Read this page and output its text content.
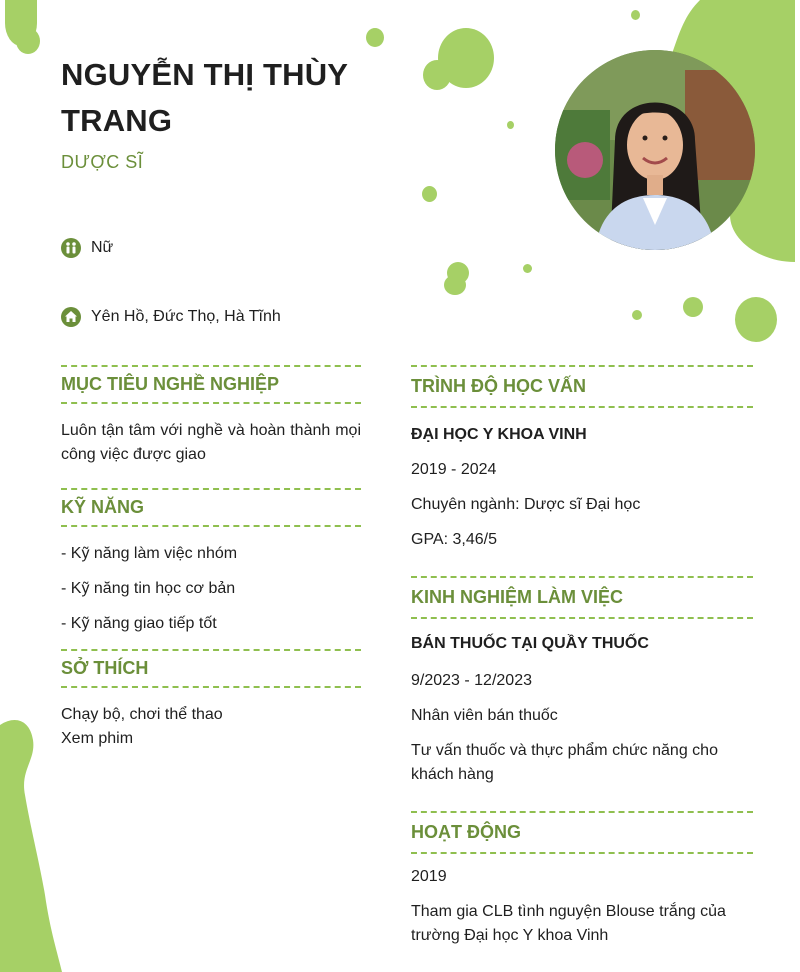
NGUYỄN THỊ THÙY TRANG
DƯỢC SĨ
Nữ
Yên Hồ, Đức Thọ, Hà Tĩnh
MỤC TIÊU NGHỀ NGHIỆP
Luôn tận tâm với nghề và hoàn thành mọi công việc được giao
KỸ NĂNG

- Kỹ năng làm việc nhóm

- Kỹ năng tin học cơ bản

- Kỹ năng giao tiếp tốt

SỞ THÍCH

Chạy bộ, chơi thể thao

Xem phim

TRÌNH ĐỘ HỌC VẤN

ĐẠI HỌC Y KHOA VINH

2019 - 2024

Chuyên ngành: Dược sĩ Đại học

GPA: 3,46/5

KINH NGHIỆM LÀM VIỆC

BÁN THUỐC TẠI QUẦY THUỐC

9/2023 - 12/2023

Nhân viên bán thuốc

Tư vấn thuốc và thực phẩm chức năng cho khách hàng

HOẠT ĐỘNG

2019

Tham gia CLB tình nguyện Blouse trắng của trường Đại học Y khoa Vinh
